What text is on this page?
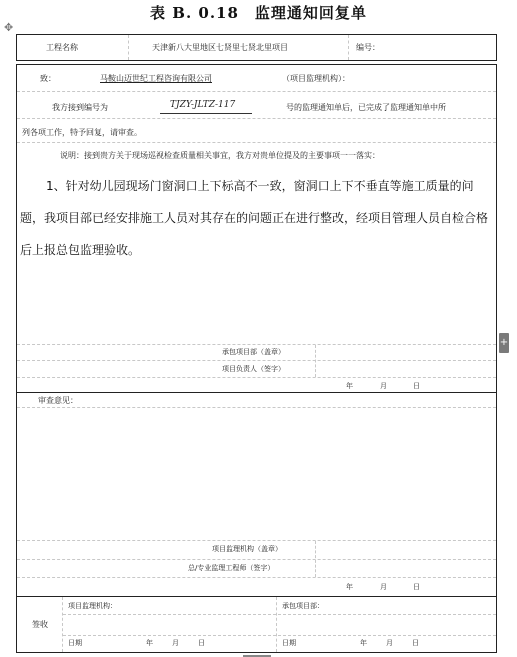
表 B. 0.18　监理通知回复单
✥
工程名称	天津新八大里地区七贤里七贤北里项目	编号：
致：	马鞍山迈世纪工程咨询有限公司	（项目监理机构）：
我方接到编号为	TJZY-JLTZ-117	号的监理通知单后，已完成了监理通知单中所
列各项工作，特予回复，请审查。
说明：接到贵方关于现场巡视检查质量相关事宜，我方对贵单位提及的主要事项一一落实：
1、针对幼儿园现场门窗洞口上下标高不一致，窗洞口上下不垂直等施工质量的问题，我项目部已经安排施工人员对其存在的问题正在进行整改，经项目管理人员自检合格后上报总包监理验收。
承包项目部（盖章）
项目负责人（签字）
年	月	日
审查意见：
项目监理机构（盖章）
总/专业监理工程师（签字）
年	月	日
签收
项目监理机构：	承包项目部：
日期	年	月	日	日期	年	月	日
+
